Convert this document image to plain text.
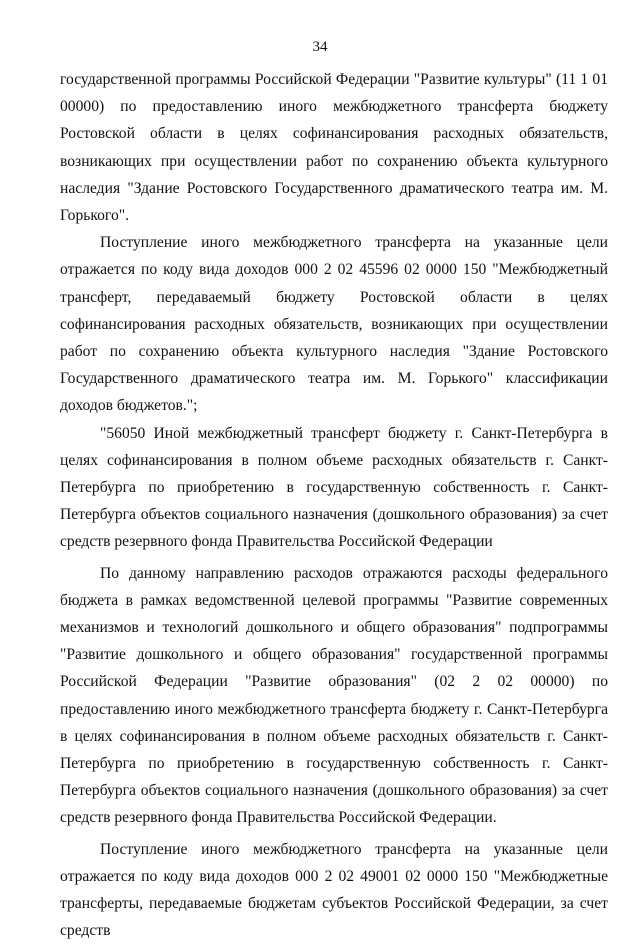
34

государственной программы Российской Федерации "Развитие культуры" (11 1 01 00000) по предоставлению иного межбюджетного трансферта бюджету Ростовской области в целях софинансирования расходных обязательств, возникающих при осуществлении работ по сохранению объекта культурного наследия "Здание Ростовского Государственного драматического театра им. М. Горького".

Поступление иного межбюджетного трансферта на указанные цели отражается по коду вида доходов 000 2 02 45596 02 0000 150 "Межбюджетный трансферт, передаваемый бюджету Ростовской области в целях софинансирования расходных обязательств, возникающих при осуществлении работ по сохранению объекта культурного наследия "Здание Ростовского Государственного драматического театра им. М. Горького" классификации доходов бюджетов.";

"56050 Иной межбюджетный трансферт бюджету г. Санкт-Петербурга в целях софинансирования в полном объеме расходных обязательств г. Санкт-Петербурга по приобретению в государственную собственность г. Санкт-Петербурга объектов социального назначения (дошкольного образования) за счет средств резервного фонда Правительства Российской Федерации

По данному направлению расходов отражаются расходы федерального бюджета в рамках ведомственной целевой программы "Развитие современных механизмов и технологий дошкольного и общего образования" подпрограммы "Развитие дошкольного и общего образования" государственной программы Российской Федерации "Развитие образования" (02 2 02 00000) по предоставлению иного межбюджетного трансферта бюджету г. Санкт-Петербурга в целях софинансирования в полном объеме расходных обязательств г. Санкт-Петербурга по приобретению в государственную собственность г. Санкт-Петербурга объектов социального назначения (дошкольного образования) за счет средств резервного фонда Правительства Российской Федерации.

Поступление иного межбюджетного трансферта на указанные цели отражается по коду вида доходов 000 2 02 49001 02 0000 150 "Межбюджетные трансферты, передаваемые бюджетам субъектов Российской Федерации, за счет средств
